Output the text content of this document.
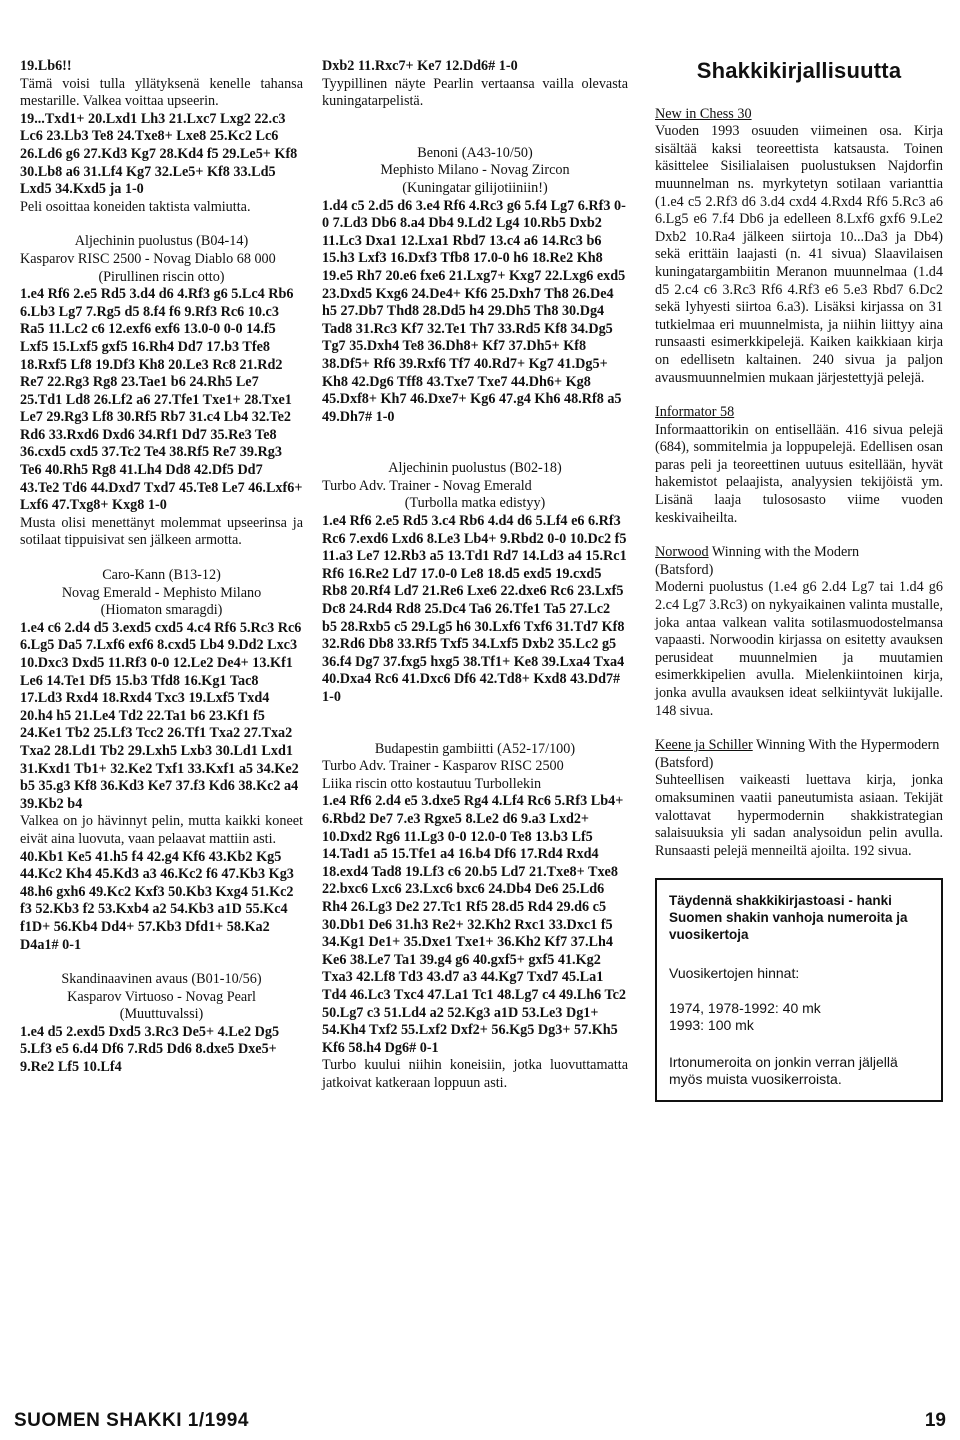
19.Lb6!!

Tämä voisi tulla yllätyksenä kenelle tahansa mestarille. Valkea voittaa upseerin.

19...Txd1+ 20.Lxd1 Lh3 21.Lxc7 Lxg2 22.c3 Lc6 23.Lb3 Te8 24.Txe8+ Lxe8 25.Kc2 Lc6 26.Ld6 g6 27.Kd3 Kg7 28.Kd4 f5 29.Le5+ Kf8 30.Lb8 a6 31.Lf4 Kg7 32.Le5+ Kf8 33.Ld5 Lxd5 34.Kxd5 ja 1-0

Peli osoittaa koneiden taktista valmiutta.

Aljechinin puolustus (B04-14)

Kasparov RISC 2500 - Novag Diablo 68 000

(Pirullinen riscin otto)

1.e4 Rf6 2.e5 Rd5 3.d4 d6 4.Rf3 g6 5.Lc4 Rb6 6.Lb3 Lg7 7.Rg5 d5 8.f4 f6 9.Rf3 Rc6 10.c3 Ra5 11.Lc2 c6 12.exf6 exf6 13.0-0 0-0 14.f5 Lxf5 15.Lxf5 gxf5 16.Rh4 Dd7 17.b3 Tfe8 18.Rxf5 Lf8 19.Df3 Kh8 20.Le3 Rc8 21.Rd2 Re7 22.Rg3 Rg8 23.Tae1 b6 24.Rh5 Le7 25.Td1 Ld8 26.Lf2 a6 27.Tfe1 Txe1+ 28.Txe1 Le7 29.Rg3 Lf8 30.Rf5 Rb7 31.c4 Lb4 32.Te2 Rd6 33.Rxd6 Dxd6 34.Rf1 Dd7 35.Re3 Te8 36.cxd5 cxd5 37.Tc2 Te4 38.Rf5 Re7 39.Rg3 Te6 40.Rh5 Rg8 41.Lh4 Dd8 42.Df5 Dd7 43.Te2 Td6 44.Dxd7 Txd7 45.Te8 Le7 46.Lxf6+ Lxf6 47.Txg8+ Kxg8 1-0

Musta olisi menettänyt molemmat upseerinsa ja sotilaat tippuisivat sen jälkeen armotta.

Caro-Kann (B13-12)

Novag Emerald - Mephisto Milano

(Hiomaton smaragdi)

1.e4 c6 2.d4 d5 3.exd5 cxd5 4.c4 Rf6 5.Rc3 Rc6 6.Lg5 Da5 7.Lxf6 exf6 8.cxd5 Lb4 9.Dd2 Lxc3 10.Dxc3 Dxd5 11.Rf3 0-0 12.Le2 De4+ 13.Kf1 Le6 14.Te1 Df5 15.b3 Tfd8 16.Kg1 Tac8 17.Ld3 Rxd4 18.Rxd4 Txc3 19.Lxf5 Txd4 20.h4 h5 21.Le4 Td2 22.Ta1 b6 23.Kf1 f5 24.Ke1 Tb2 25.Lf3 Tcc2 26.Tf1 Txa2 27.Txa2 Txa2 28.Ld1 Tb2 29.Lxh5 Lxb3 30.Ld1 Lxd1 31.Kxd1 Tb1+ 32.Ke2 Txf1 33.Kxf1 a5 34.Ke2 b5 35.g3 Kf8 36.Kd3 Ke7 37.f3 Kd6 38.Kc2 a4 39.Kb2 b4

Valkea on jo hävinnyt pelin, mutta kaikki koneet eivät aina luovuta, vaan pelaavat mattiin asti.

40.Kb1 Ke5 41.h5 f4 42.g4 Kf6 43.Kb2 Kg5 44.Kc2 Kh4 45.Kd3 a3 46.Kc2 f6 47.Kb3 Kg3 48.h6 gxh6 49.Kc2 Kxf3 50.Kb3 Kxg4 51.Kc2 f3 52.Kb3 f2 53.Kxb4 a2 54.Kb3 a1D 55.Kc4 f1D+ 56.Kb4 Dd4+ 57.Kb3 Dfd1+ 58.Ka2 D4a1# 0-1

Skandinaavinen avaus (B01-10/56)

Kasparov Virtuoso - Novag Pearl

(Muuttuvalssi)

1.e4 d5 2.exd5 Dxd5 3.Rc3 De5+ 4.Le2 Dg5 5.Lf3 e5 6.d4 Df6 7.Rd5 Dd6 8.dxe5 Dxe5+ 9.Re2 Lf5 10.Lf4

Dxb2 11.Rxc7+ Ke7 12.Dd6# 1-0

Tyypillinen näyte Pearlin vertaansa vailla olevasta kuningatarpelistä.

Benoni (A43-10/50)

Mephisto Milano - Novag Zircon

(Kuningatar gilijotiiniin!)

1.d4 c5 2.d5 d6 3.e4 Rf6 4.Rc3 g6 5.f4 Lg7 6.Rf3 0-0 7.Ld3 Db6 8.a4 Db4 9.Ld2 Lg4 10.Rb5 Dxb2 11.Lc3 Dxa1 12.Lxa1 Rbd7 13.c4 a6 14.Rc3 b6 15.h3 Lxf3 16.Dxf3 Tfb8 17.0-0 h6 18.Re2 Kh8 19.e5 Rh7 20.e6 fxe6 21.Lxg7+ Kxg7 22.Lxg6 exd5 23.Dxd5 Kxg6 24.De4+ Kf6 25.Dxh7 Th8 26.De4 h5 27.Db7 Thd8 28.Dd5 h4 29.Dh5 Th8 30.Dg4 Tad8 31.Rc3 Kf7 32.Te1 Th7 33.Rd5 Kf8 34.Dg5 Tg7 35.Dxh4 Te8 36.Dh8+ Kf7 37.Dh5+ Kf8 38.Df5+ Rf6 39.Rxf6 Tf7 40.Rd7+ Kg7 41.Dg5+ Kh8 42.Dg6 Tff8 43.Txe7 Txe7 44.Dh6+ Kg8 45.Dxf8+ Kh7 46.Dxe7+ Kg6 47.g4 Kh6 48.Rf8 a5 49.Dh7# 1-0

Aljechinin puolustus (B02-18)

Turbo Adv. Trainer - Novag Emerald

(Turbolla matka edistyy)

1.e4 Rf6 2.e5 Rd5 3.c4 Rb6 4.d4 d6 5.Lf4 e6 6.Rf3 Rc6 7.exd6 Lxd6 8.Le3 Lb4+ 9.Rbd2 0-0 10.Dc2 f5 11.a3 Le7 12.Rb3 a5 13.Td1 Rd7 14.Ld3 a4 15.Rc1 Rf6 16.Re2 Ld7 17.0-0 Le8 18.d5 exd5 19.cxd5 Rb8 20.Rf4 Ld7 21.Re6 Lxe6 22.dxe6 Rc6 23.Lxf5 Dc8 24.Rd4 Rd8 25.Dc4 Ta6 26.Tfe1 Ta5 27.Lc2 b5 28.Rxb5 c5 29.Lg5 h6 30.Lxf6 Txf6 31.Td7 Kf8 32.Rd6 Db8 33.Rf5 Txf5 34.Lxf5 Dxb2 35.Lc2 g5 36.f4 Dg7 37.fxg5 hxg5 38.Tf1+ Ke8 39.Lxa4 Txa4 40.Dxa4 Rc6 41.Dxc6 Df6 42.Td8+ Kxd8 43.Dd7# 1-0

Budapestin gambiitti (A52-17/100)

Turbo Adv. Trainer - Kasparov RISC 2500

Liika riscin otto kostautuu Turbollekin

1.e4 Rf6 2.d4 e5 3.dxe5 Rg4 4.Lf4 Rc6 5.Rf3 Lb4+ 6.Rbd2 De7 7.e3 Rgxe5 8.Le2 d6 9.a3 Lxd2+ 10.Dxd2 Rg6 11.Lg3 0-0 12.0-0 Te8 13.b3 Lf5 14.Tad1 a5 15.Tfe1 a4 16.b4 Df6 17.Rd4 Rxd4 18.exd4 Tad8 19.Lf3 c6 20.b5 Ld7 21.Txe8+ Txe8 22.bxc6 Lxc6 23.Lxc6 bxc6 24.Db4 De6 25.Ld6 Rh4 26.Lg3 De2 27.Tc1 Rf5 28.d5 Rd4 29.d6 c5 30.Db1 De6 31.h3 Re2+ 32.Kh2 Rxc1 33.Dxc1 f5 34.Kg1 De1+ 35.Dxe1 Txe1+ 36.Kh2 Kf7 37.Lh4 Ke6 38.Le7 Ta1 39.g4 g6 40.gxf5+ gxf5 41.Kg2 Txa3 42.Lf8 Td3 43.d7 a3 44.Kg7 Txd7 45.La1 Td4 46.Lc3 Txc4 47.La1 Tc1 48.Lg7 c4 49.Lh6 Tc2 50.Lg7 c3 51.Ld4 a2 52.Kg3 a1D 53.Le3 Dg1+ 54.Kh4 Txf2 55.Lxf2 Dxf2+ 56.Kg5 Dg3+ 57.Kh5 Kf6 58.h4 Dg6# 0-1

Turbo kuului niihin koneisiin, jotka luovuttamatta jatkoivat katkeraan loppuun asti.

Shakkikirjallisuutta

New in Chess 30

Vuoden 1993 osuuden viimeinen osa. Kirja sisältää kaksi teoreettista katsausta. Toinen käsittelee Sisilialaisen puolustuksen Najdorfin muunnelman ns. myrkytetyn sotilaan varianttia (1.e4 c5 2.Rf3 d6 3.d4 cxd4 4.Rxd4 Rf6 5.Rc3 a6 6.Lg5 e6 7.f4 Db6 ja edelleen 8.Lxf6 gxf6 9.Le2 Dxb2 10.Ra4 jälkeen siirtoja 10...Da3 ja Db4) sekä erittäin laajasti (n. 41 sivua) Slaavilaisen kuningatargambiitin Meranon muunnelmaa (1.d4 d5 2.c4 c6 3.Rc3 Rf6 4.Rf3 e6 5.e3 Rbd7 6.Dc2 sekä lyhyesti siirtoa 6.a3). Lisäksi kirjassa on 31 tutkielmaa eri muunnelmista, ja niihin liittyy aina runsaasti esimerkkipelejä. Kaiken kaikkiaan kirja on edellisetn kaltainen. 240 sivua ja paljon avausmuunnelmien mukaan järjestettyjä pelejä.

Informator 58

Informaattorikin on entisellään. 416 sivua pelejä (684), sommitelmia ja loppupelejä. Edellisen osan paras peli ja teoreettinen uutuus esitellään, hyvät hakemistot pelaajista, analyysien tekijöistä ym. Lisänä laaja tulososasto viime vuoden keskivaiheilta.

Norwood Winning with the Modern

(Batsford)

Moderni puolustus (1.e4 g6 2.d4 Lg7 tai 1.d4 g6 2.c4 Lg7 3.Rc3) on nykyaikainen valinta mustalle, joka antaa valkean valita sotilasmuodostelmansa vapaasti. Norwoodin kirjassa on esitetty avauksen perusideat muunnelmien ja muutamien esimerkkipelien avulla. Mielenkiintoinen kirja, jonka avulla avauksen ideat selkiintyvät lukijalle. 148 sivua.

Keene ja Schiller Winning With the Hypermodern

(Batsford)

Suhteellisen vaikeasti luettava kirja, jonka omaksuminen vaatii paneutumista asiaan. Tekijät valottavat hypermodernin shakkistrategian salaisuuksia yli sadan analysoidun pelin avulla. Runsaasti pelejä menneiltä ajoilta. 192 sivua.

Täydennä shakkikirjastoasi - hanki Suomen shakin vanhoja numeroita ja vuosikertoja
Vuosikertojen hinnat:
1974, 1978-1992: 40 mk
1993: 100 mk
Irtonumeroita on jonkin verran jäljellä myös muista vuosikerroista.
SUOMEN SHAKKI 1/1994	19
